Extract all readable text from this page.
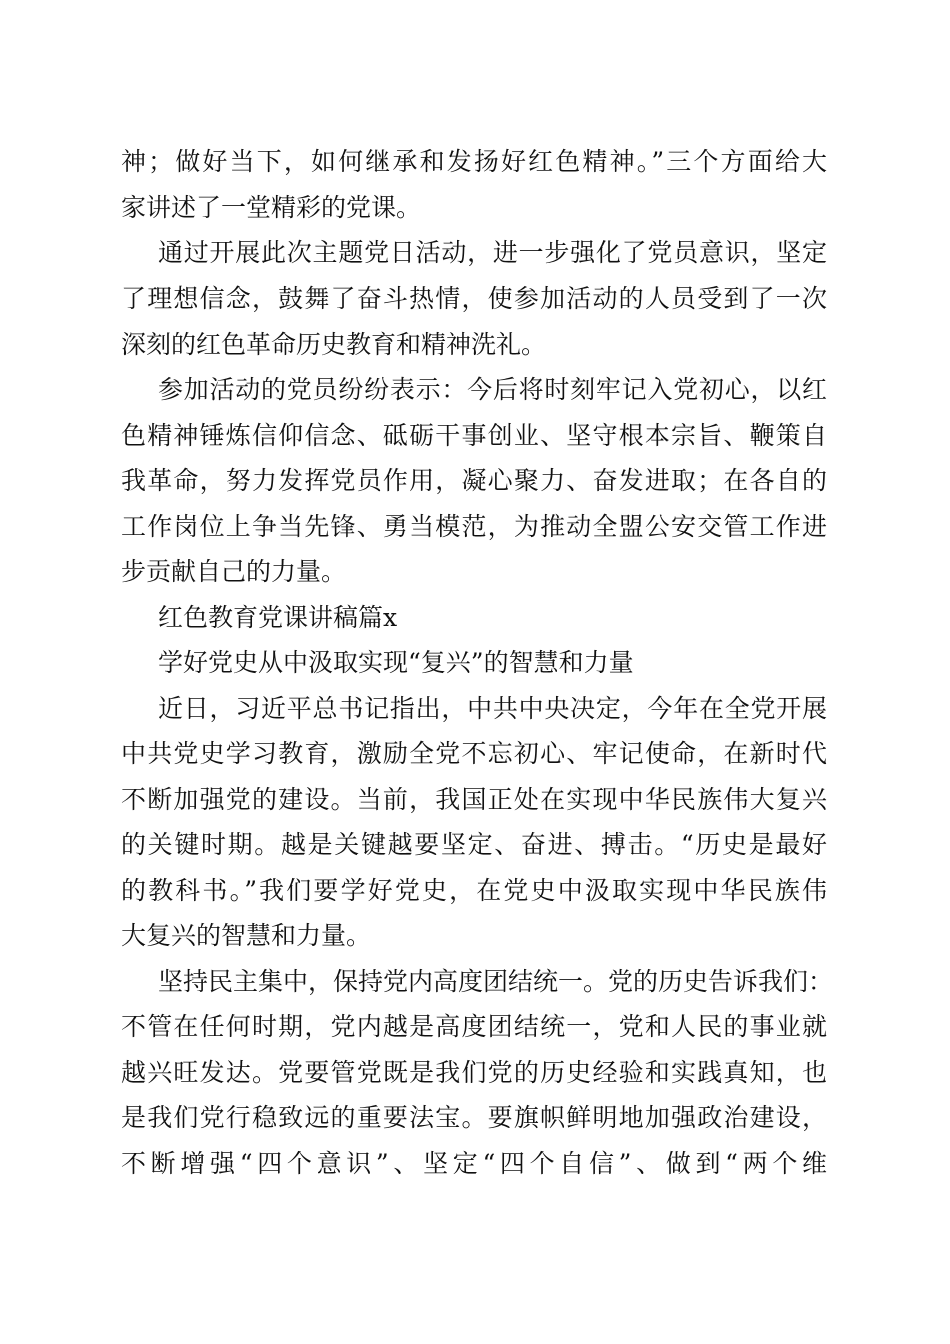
神；做好当下，如何继承和发扬好红色精神。”三个方面给大
家讲述了一堂精彩的党课。
通过开展此次主题党日活动，进一步强化了党员意识，坚定
了理想信念，鼓舞了奋斗热情，使参加活动的人员受到了一次
深刻的红色革命历史教育和精神洗礼。
参加活动的党员纷纷表示：今后将时刻牢记入党初心，以红
色精神锤炼信仰信念、砥砺干事创业、坚守根本宗旨、鞭策自
我革命，努力发挥党员作用，凝心聚力、奋发进取；在各自的
工作岗位上争当先锋、勇当模范，为推动全盟公安交管工作进
步贡献自己的力量。
红色教育党课讲稿篇x
学好党史从中汲取实现“复兴”的智慧和力量
近日，习近平总书记指出，中共中央决定，今年在全党开展
中共党史学习教育，激励全党不忘初心、牢记使命，在新时代
不断加强党的建设。当前，我国正处在实现中华民族伟大复兴
的关键时期。越是关键越要坚定、奋进、搏击。“历史是最好
的教科书。”我们要学好党史，在党史中汲取实现中华民族伟
大复兴的智慧和力量。
坚持民主集中，保持党内高度团结统一。党的历史告诉我们：
不管在任何时期，党内越是高度团结统一，党和人民的事业就
越兴旺发达。党要管党既是我们党的历史经验和实践真知，也
是我们党行稳致远的重要法宝。要旗帜鲜明地加强政治建设，
不断增强“四个意识”、坚定“四个自信”、做到“两个维
